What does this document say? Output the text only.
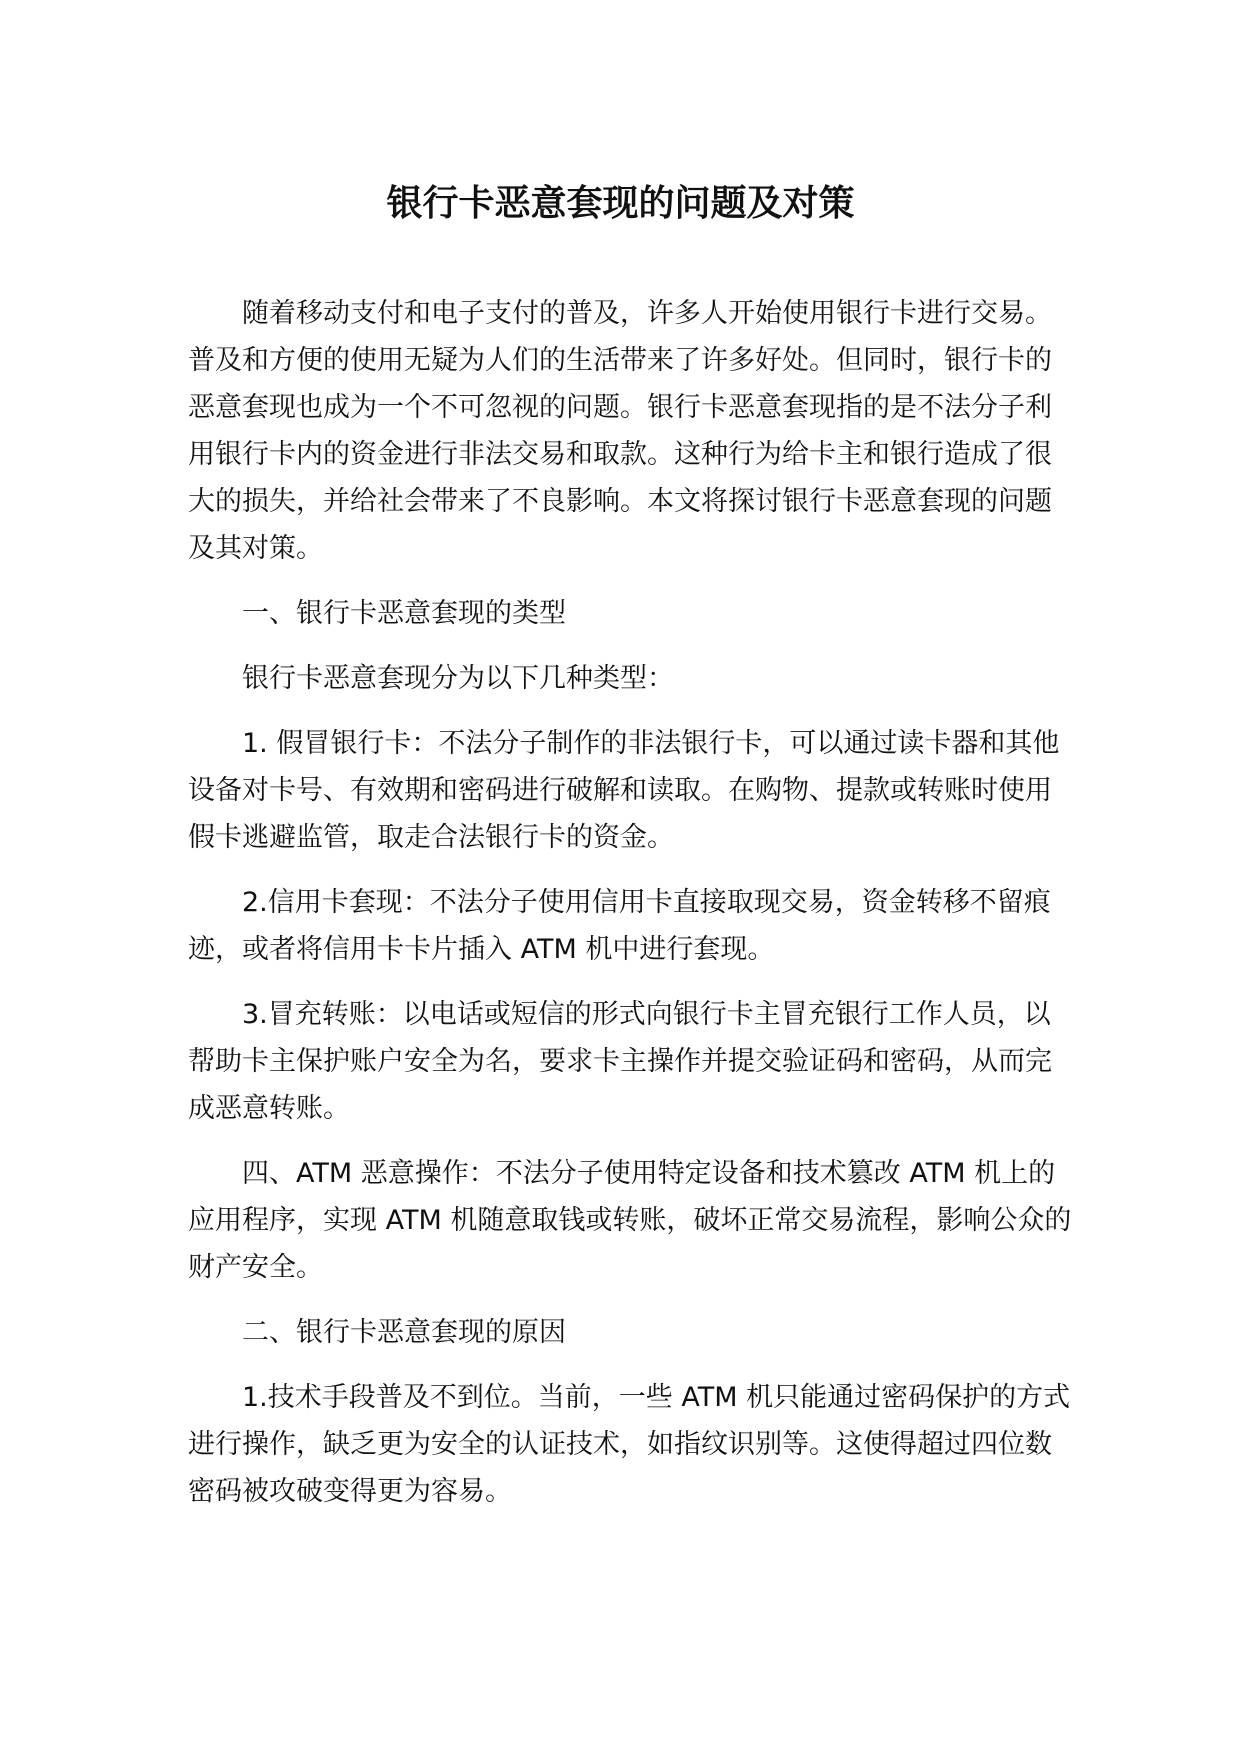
银行卡恶意套现的问题及对策

随着移动支付和电子支付的普及，许多人开始使用银行卡进行交易。普及和方便的使用无疑为人们的生活带来了许多好处。但同时，银行卡的恶意套现也成为一个不可忽视的问题。银行卡恶意套现指的是不法分子利用银行卡内的资金进行非法交易和取款。这种行为给卡主和银行造成了很大的损失，并给社会带来了不良影响。本文将探讨银行卡恶意套现的问题及其对策。

一、银行卡恶意套现的类型

银行卡恶意套现分为以下几种类型：

1. 假冒银行卡：不法分子制作的非法银行卡，可以通过读卡器和其他设备对卡号、有效期和密码进行破解和读取。在购物、提款或转账时使用假卡逃避监管，取走合法银行卡的资金。

2.信用卡套现：不法分子使用信用卡直接取现交易，资金转移不留痕迹，或者将信用卡卡片插入 ATM 机中进行套现。

3.冒充转账：以电话或短信的形式向银行卡主冒充银行工作人员，以帮助卡主保护账户安全为名，要求卡主操作并提交验证码和密码，从而完成恶意转账。

四、ATM 恶意操作：不法分子使用特定设备和技术篡改 ATM 机上的应用程序，实现 ATM 机随意取钱或转账，破坏正常交易流程，影响公众的财产安全。

二、银行卡恶意套现的原因

1.技术手段普及不到位。当前，一些 ATM 机只能通过密码保护的方式进行操作，缺乏更为安全的认证技术，如指纹识别等。这使得超过四位数密码被攻破变得更为容易。
